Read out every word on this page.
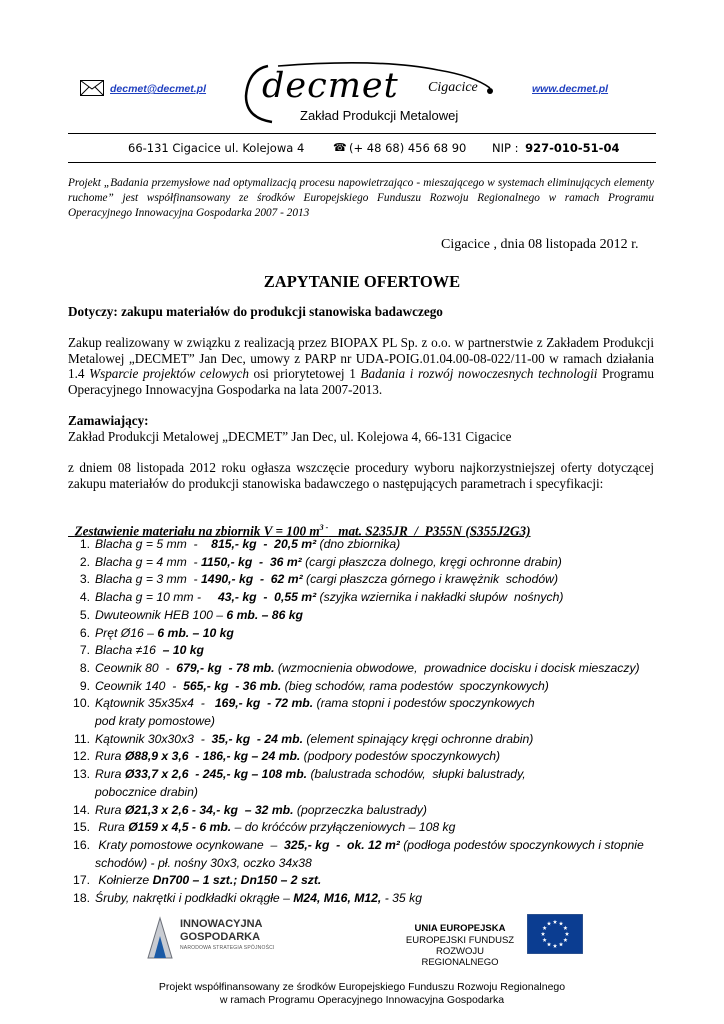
decmet@decmet.pl decmet Cigacice
Zakład Produkcji Metalowej
www.decmet.pl
66-131 Cigacice ul. Kolejowa 4	☎ (+ 48 68) 456 68 90 NIP : 927-010-51-04
Projekt „Badania przemysłowe nad optymalizacją procesu napowietrzająco - mieszającego w systemach eliminujących elementy ruchome” jest współfinansowany ze środków Europejskiego Funduszu Rozwoju Regionalnego w ramach Programu Operacyjnego Innowacyjna Gospodarka 2007 - 2013
Cigacice , dnia 08 listopada 2012 r.
ZAPYTANIE OFERTOWE
Dotyczy: zakupu materiałów do produkcji stanowiska badawczego
Zakup realizowany w związku z realizacją przez BIOPAX PL Sp. z o.o. w partnerstwie z Zakładem Produkcji Metalowej „DECMET” Jan Dec, umowy z PARP nr UDA-POIG.01.04.00-08-022/11-00 w ramach działania 1.4 Wsparcie projektów celowych osi priorytetowej 1 Badania i rozwój nowoczesnych technologii Programu Operacyjnego Innowacyjna Gospodarka na lata 2007-2013.
Zamawiający:
Zakład Produkcji Metalowej „DECMET” Jan Dec, ul. Kolejowa 4, 66-131 Cigacice
z dniem 08 listopada 2012 roku ogłasza wszczęcie procedury wyboru najkorzystniejszej oferty dotyczącej zakupu materiałów do produkcji stanowiska badawczego o następujących parametrach i specyfikacji:

Zestawienie materiału na zbiornik V = 100 $m^{3 -}$   mat. S235JR  /  P355N (S355J2G3)

1. Blacha g = 5 mm  -    815,- kg  -  20,5 m² (dno zbiornika)
2. Blacha g = 4 mm  - 1150,- kg  -  36 m² (cargi płaszcza dolnego, kręgi ochronne drabin)
3. Blacha g = 3 mm  - 1490,- kg  -  62 m² (cargi płaszcza górnego i krawężnik  schodów)
4. Blacha g = 10 mm -     43,- kg  -  0,55 m² (szyjka wziernika i nakładki słupów  nośnych)
5. Dwuteownik HEB 100 – 6 mb. – 86 kg
6. Pręt Ø16 – 6 mb. – 10 kg
7. Blacha ≠16  – 10 kg
8. Ceownik 80  -  679,- kg  - 78 mb. (wzmocnienia obwodowe,  prowadnice docisku i docisk mieszaczy)
9. Ceownik 140  -  565,- kg  - 36 mb. (bieg schodów, rama podestów  spoczynkowych)
10. Kątownik 35x35x4  -   169,- kg  - 72 mb. (rama stopni i podestów spoczynkowych
pod kraty pomostowe)
11. Kątownik 30x30x3  -  35,- kg  - 24 mb. (element spinający kręgi ochronne drabin)
12. Rura Ø88,9 x 3,6  - 186,- kg – 24 mb. (podpory podestów spoczynkowych)
13. Rura Ø33,7 x 2,6  - 245,- kg – 108 mb. (balustrada schodów,  słupki balustrady,
pobocznice drabin)
14. Rura Ø21,3 x 2,6 - 34,- kg  – 32 mb. (poprzeczka balustrady)
15. Rura Ø159 x 4,5 - 6 mb. – do króćców przyłączeniowych – 108 kg
16. Kraty pomostowe ocynkowane  –  325,- kg  -  ok. 12 m² (podłoga podestów spoczynkowych i stopnie
schodów) - pł. nośny 30x3, oczko 34x38
17. Kołnierze Dn700 – 1 szt.; Dn150 – 2 szt.
18. Śruby, nakrętki i podkładki okrągłe – M24, M16, M12, - 35 kg
INNOWACYJNA
GOSPODARKA
NARODOWA STRATEGIA SPÓJNOŚCI
UNIA EUROPEJSKA
EUROPEJSKI FUNDUSZ
ROZWOJU REGIONALNEGO
Projekt współfinansowany ze środków Europejskiego Funduszu Rozwoju Regionalnego
w ramach Programu Operacyjnego Innowacyjna Gospodarka
